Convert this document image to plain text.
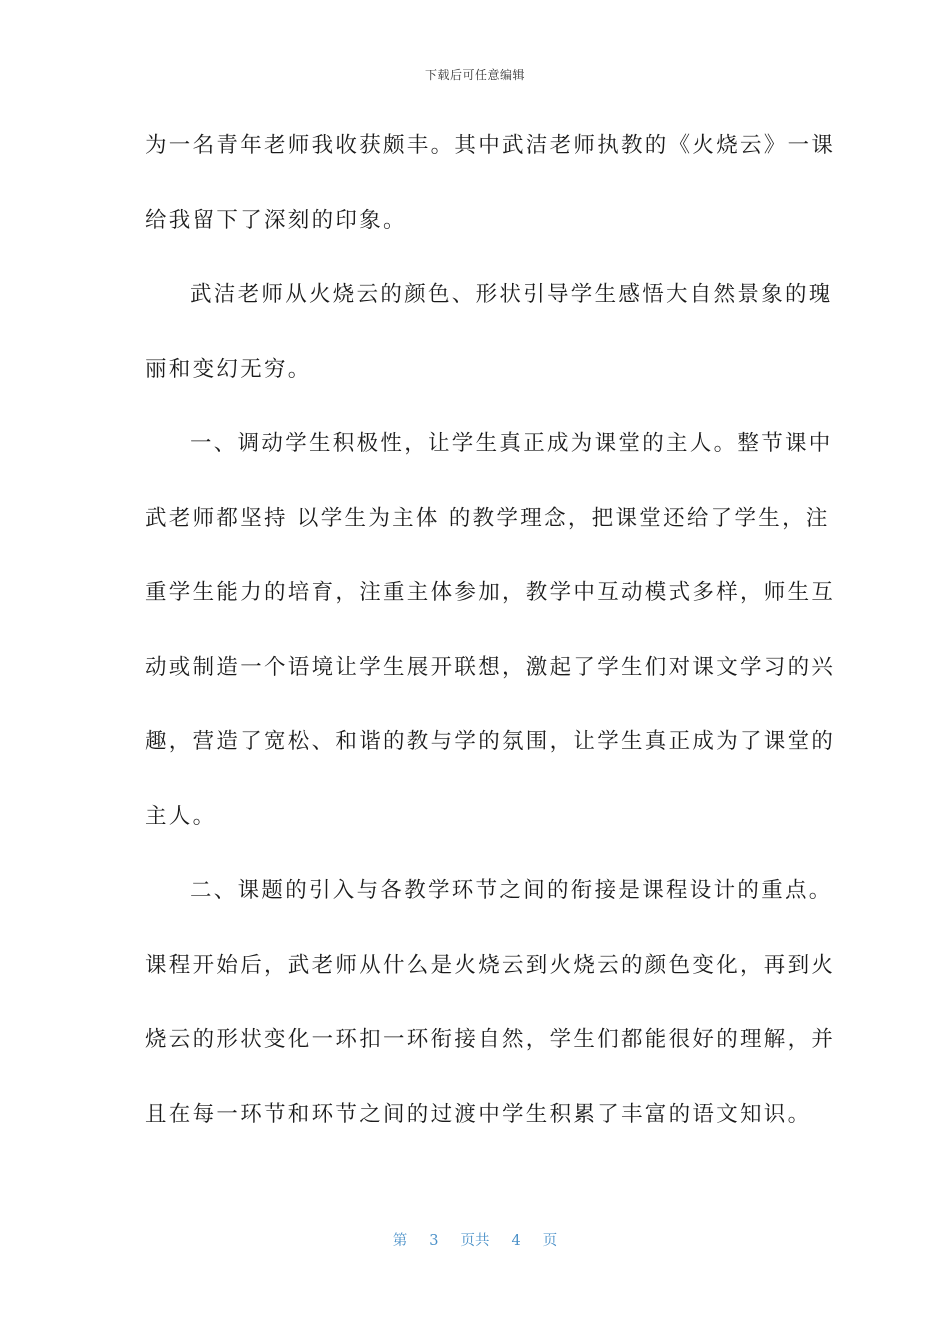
下载后可任意编辑
为一名青年老师我收获颇丰。其中武洁老师执教的《火烧云》一课
给我留下了深刻的印象。
武洁老师从火烧云的颜色、形状引导学生感悟大自然景象的瑰
丽和变幻无穷。
一、调动学生积极性，让学生真正成为课堂的主人。整节课中
武老师都坚持 以学生为主体 的教学理念，把课堂还给了学生，注
重学生能力的培育，注重主体参加，教学中互动模式多样，师生互
动或制造一个语境让学生展开联想，激起了学生们对课文学习的兴
趣，营造了宽松、和谐的教与学的氛围，让学生真正成为了课堂的
主人。
二、课题的引入与各教学环节之间的衔接是课程设计的重点。
课程开始后，武老师从什么是火烧云到火烧云的颜色变化，再到火
烧云的形状变化一环扣一环衔接自然，学生们都能很好的理解，并
且在每一环节和环节之间的过渡中学生积累了丰富的语文知识。
第 3 页共 4 页
